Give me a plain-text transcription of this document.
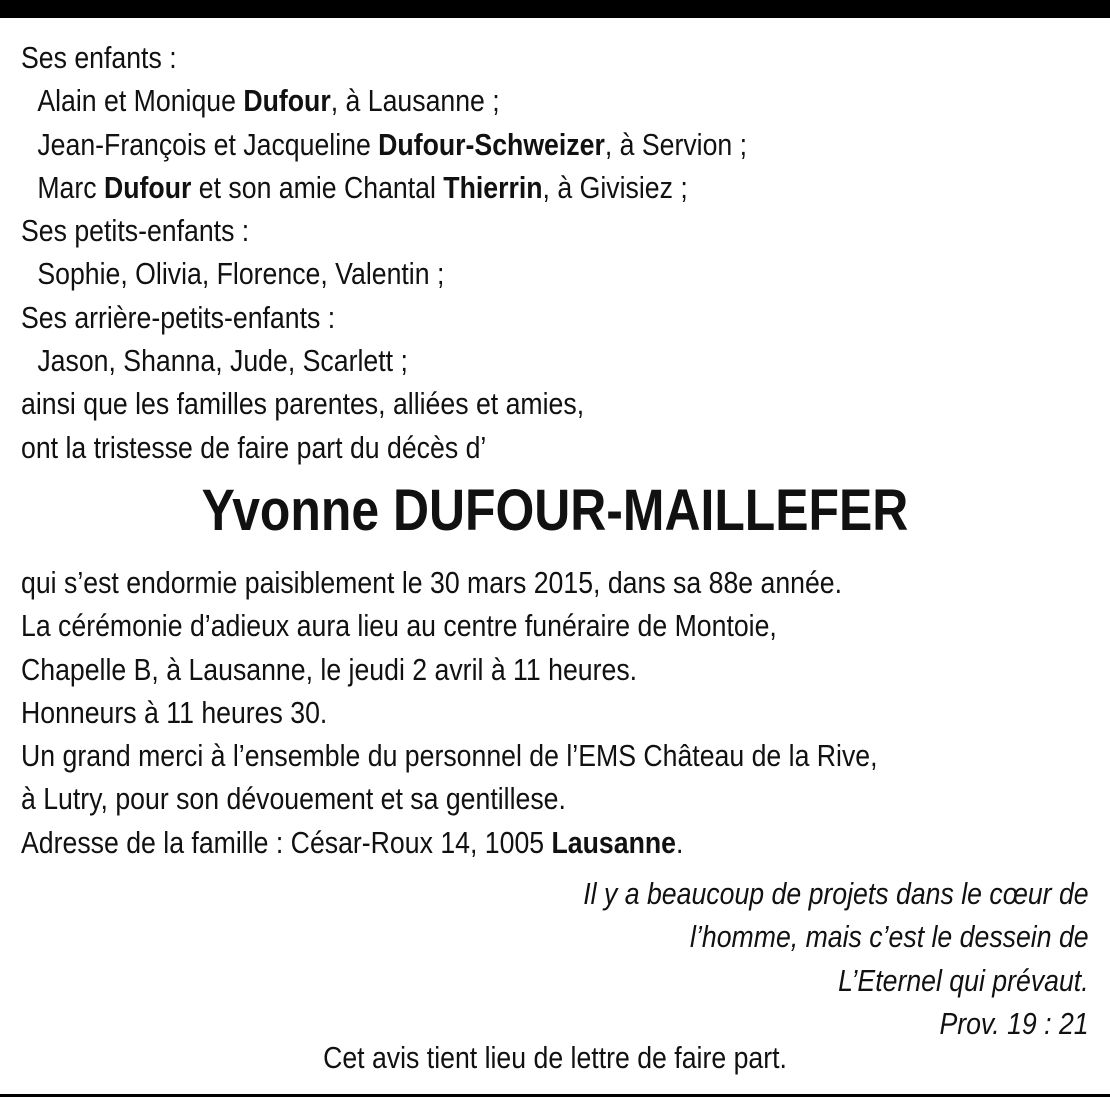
Ses enfants :
Alain et Monique Dufour, à Lausanne ;
Jean-François et Jacqueline Dufour-Schweizer, à Servion ;
Marc Dufour et son amie Chantal Thierrin, à Givisiez ;
Ses petits-enfants :
Sophie, Olivia, Florence, Valentin ;
Ses arrière-petits-enfants :
Jason, Shanna, Jude, Scarlett ;
ainsi que les familles parentes, alliées et amies,
ont la tristesse de faire part du décès d’
Yvonne DUFOUR-MAILLEFER
qui s’est endormie paisiblement le 30 mars 2015, dans sa 88e année.
La cérémonie d’adieux aura lieu au centre funéraire de Montoie,
Chapelle B, à Lausanne, le jeudi 2 avril à 11 heures.
Honneurs à 11 heures 30.
Un grand merci à l’ensemble du personnel de l’EMS Château de la Rive,
à Lutry, pour son dévouement et sa gentillese.
Adresse de la famille : César-Roux 14, 1005 Lausanne.
Il y a beaucoup de projets dans le cœur de
l’homme, mais c’est le dessein de
L’Eternel qui prévaut.
Prov. 19 : 21
Cet avis tient lieu de lettre de faire part.
